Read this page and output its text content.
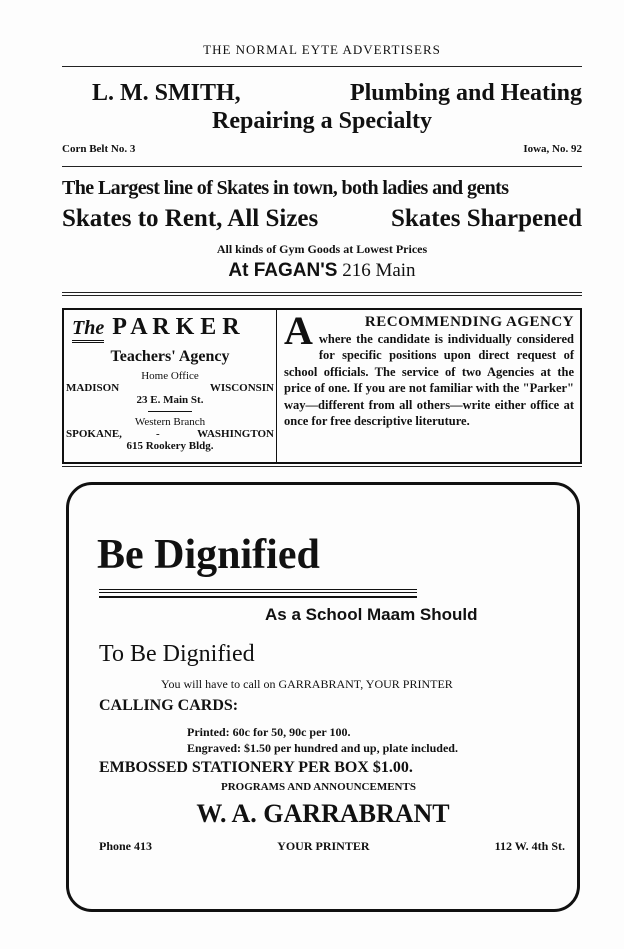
THE NORMAL EYTE ADVERTISERS
L. M. SMITH,	Plumbing and Heating
Repairing a Specialty
Corn Belt No. 3	Iowa, No. 92
The Largest line of Skates in town, both ladies and gents
Skates to Rent, All Sizes	Skates Sharpened
All kinds of Gym Goods at Lowest Prices
At FAGAN'S 216 Main
The P A R K E R
Teachers' Agency
Home Office
MADISON	WISCONSIN
23 E. Main St.
Western Branch
SPOKANE,	-	WASHINGTON
615 Rookery Bldg.
A	RECOMMENDING AGENCY
where the candidate is individually considered for specific positions upon direct request of school officials. The service of two Agencies at the price of one. If you are not familiar with the "Parker" way—different from all others—write either office at once for free descriptive literuture.
Be Dignified
As a School Maam Should
To Be Dignified
You will have to call on GARRABRANT, YOUR PRINTER
CALLING CARDS:
Printed: 60c for 50, 90c per 100.
Engraved: $1.50 per hundred and up, plate included.
EMBOSSED STATIONERY PER BOX $1.00.
PROGRAMS AND ANNOUNCEMENTS
W. A. GARRABRANT
Phone 413	YOUR PRINTER	112 W. 4th St.
